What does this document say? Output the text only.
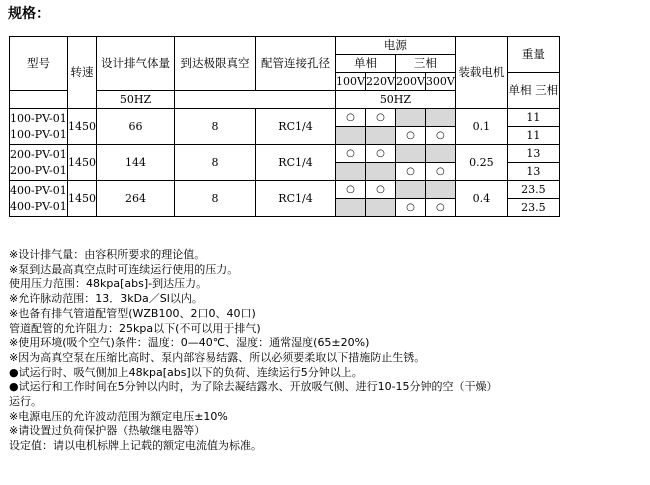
规格：
型号	转速	设计排气体量	到达极限真空	配管连接孔径	电源				装载电机	重量
					单相		三相			
					100V	220V	200V	300V		单相 三相
		50HZ			50HZ					

100-PV-01
100-PV-01	1450	66	8	RC1/4	○	○			0.1	11
							○	○		11

200-PV-01
200-PV-01	1450	144	8	RC1/4	○	○			0.25	13
							○	○		13

400-PV-01
400-PV-01	1450	264	8	RC1/4	○	○			0.4	23.5
							○	○		23.5
※设计排气量：由容积所要求的理论值。
※泵到达最高真空点时可连续运行使用的压力。
使用压力范围：48kpa[abs]-到达压力。
※允许脉动范围：13．3kDa／Sl以内。
※也备有排气管道配管型(WZB100、2口0、40口)
管道配管的允许阻力：25kpa以下(不可以用于排气)
※使用环境(吸个空气)条件：温度：0—40℃、湿度：通常湿度(65±20%)
※因为高真空泵在压缩比高时、泵内部容易结露、所以必须要柔取以下措施防止生锈。
●试运行时、吸气侧加上48kpa[abs]以下的负荷、连续运行5分钟以上。
●试运行和工作时间在5分钟以内时，为了除去凝结露水、开放吸气侧、进行10-15分钟的空（干燥）
运行。
※电源电压的允许波动范围为额定电压±10%
※请设置过负荷保护器（热敏继电器等）
设定值：请以电机标牌上记载的额定电流值为标准。
